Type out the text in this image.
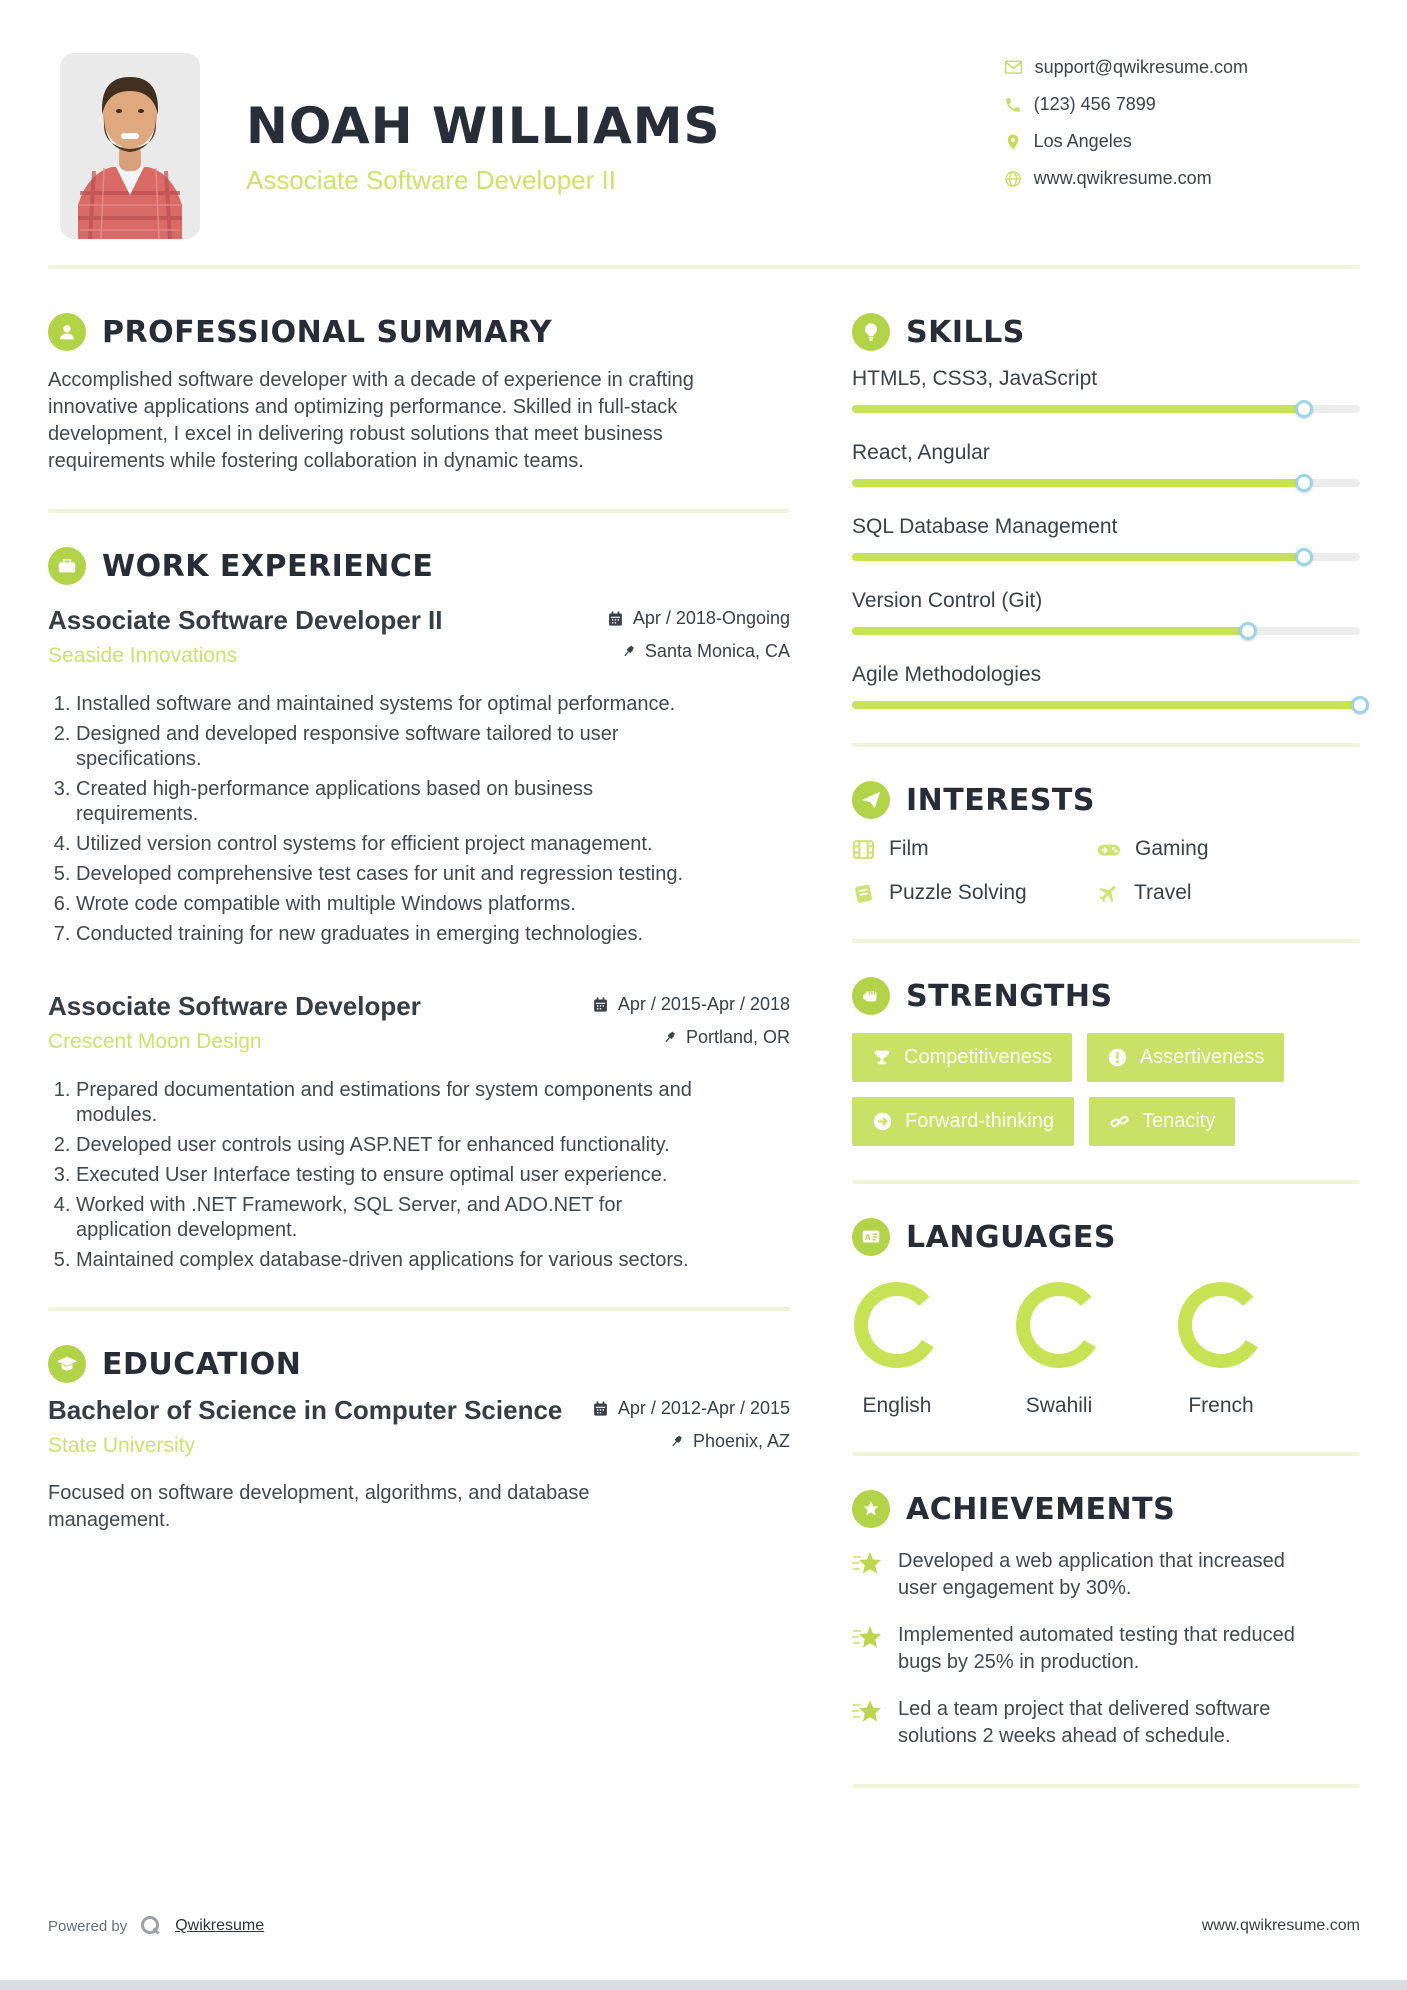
NOAH WILLIAMS
Associate Software Developer II
support@qwikresume.com
(123) 456 7899
Los Angeles
www.qwikresume.com
PROFESSIONAL SUMMARY

Accomplished software developer with a decade of experience in crafting innovative applications and optimizing performance. Skilled in full-stack development, I excel in delivering robust solutions that meet business requirements while fostering collaboration in dynamic teams.

WORK EXPERIENCE
Associate Software Developer II
Seaside Innovations
Apr / 2018-Ongoing
Santa Monica, CA
1. Installed software and maintained systems for optimal performance.
2. Designed and developed responsive software tailored to user specifications.
3. Created high-performance applications based on business requirements.
4. Utilized version control systems for efficient project management.
5. Developed comprehensive test cases for unit and regression testing.
6. Wrote code compatible with multiple Windows platforms.
7. Conducted training for new graduates in emerging technologies.
Associate Software Developer
Crescent Moon Design
Apr / 2015-Apr / 2018
Portland, OR
1. Prepared documentation and estimations for system components and modules.
2. Developed user controls using ASP.NET for enhanced functionality.
3. Executed User Interface testing to ensure optimal user experience.
4. Worked with .NET Framework, SQL Server, and ADO.NET for application development.
5. Maintained complex database-driven applications for various sectors.
EDUCATION
Bachelor of Science in Computer Science
State University
Apr / 2012-Apr / 2015
Phoenix, AZ

Focused on software development, algorithms, and database management.

SKILLS
HTML5, CSS3, JavaScript
React, Angular
SQL Database Management
Version Control (Git)
Agile Methodologies
INTERESTS
Film	Gaming
Puzzle Solving	Travel
STRENGTHS
Competitiveness	Assertiveness
Forward-thinking	Tenacity
A LANGUAGES
English	Swahili	French
ACHIEVEMENTS
Developed a web application that increased user engagement by 30%.
Implemented automated testing that reduced bugs by 25% in production.
Led a team project that delivered software solutions 2 weeks ahead of schedule.
Powered by	Qwikresume	www.qwikresume.com
